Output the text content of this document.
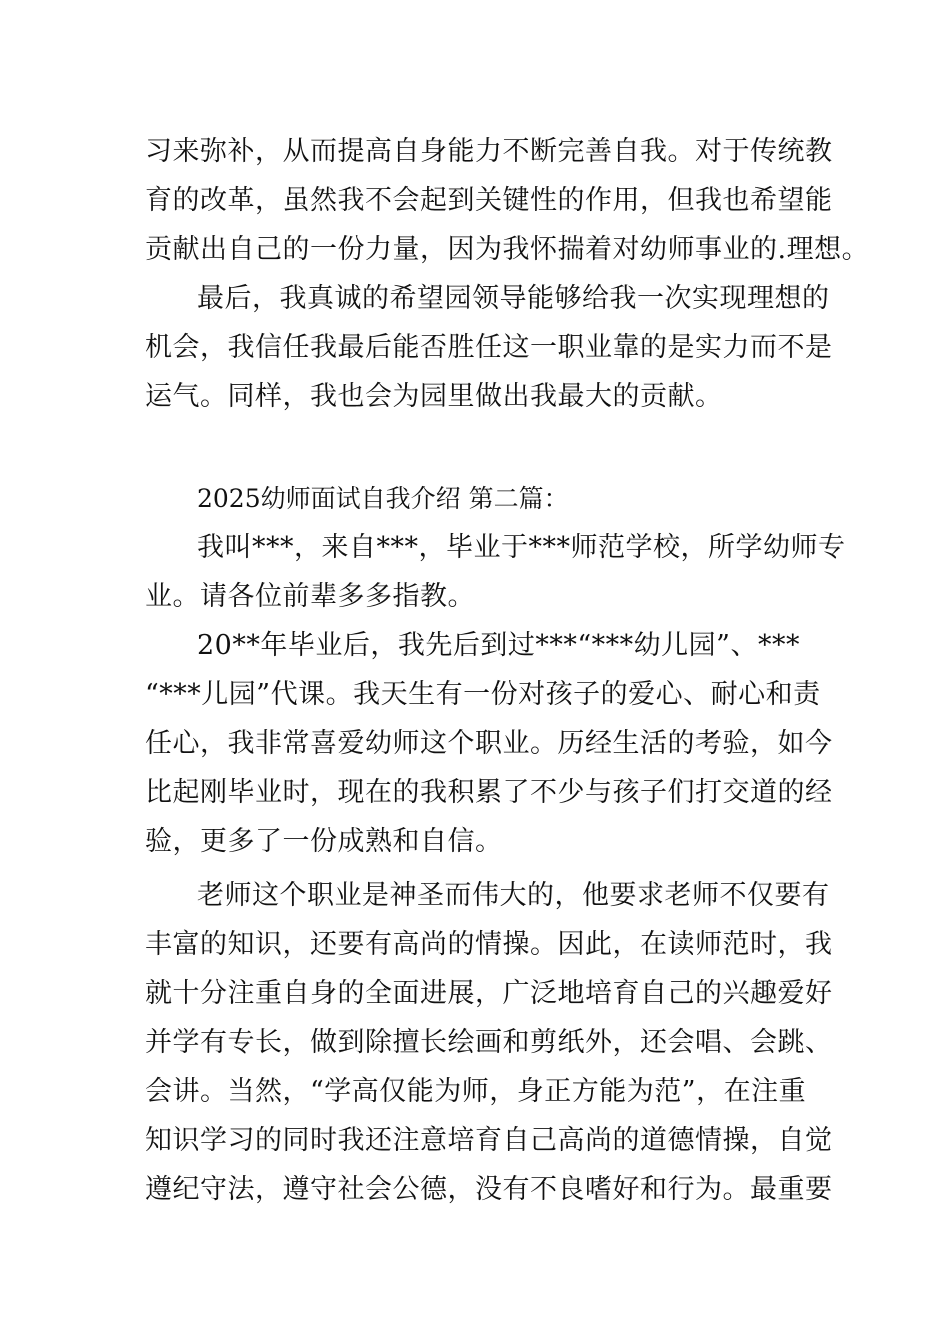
习来弥补，从而提高自身能力不断完善自我。对于传统教
育的改革，虽然我不会起到关键性的作用，但我也希望能
贡献出自己的一份力量，因为我怀揣着对幼师事业的.理想。
最后，我真诚的希望园领导能够给我一次实现理想的
机会，我信任我最后能否胜任这一职业靠的是实力而不是
运气。同样，我也会为园里做出我最大的贡献。
2025幼师面试自我介绍 第二篇：
我叫***，来自***，毕业于***师范学校，所学幼师专
业。请各位前辈多多指教。
20**年毕业后，我先后到过***“***幼儿园”、***
“***儿园”代课。我天生有一份对孩子的爱心、耐心和责
任心，我非常喜爱幼师这个职业。历经生活的考验，如今
比起刚毕业时，现在的我积累了不少与孩子们打交道的经
验，更多了一份成熟和自信。
老师这个职业是神圣而伟大的，他要求老师不仅要有
丰富的知识，还要有高尚的情操。因此，在读师范时，我
就十分注重自身的全面进展，广泛地培育自己的兴趣爱好
并学有专长，做到除擅长绘画和剪纸外，还会唱、会跳、
会讲。当然，“学高仅能为师，身正方能为范”，在注重
知识学习的同时我还注意培育自己高尚的道德情操，自觉
遵纪守法，遵守社会公德，没有不良嗜好和行为。最重要
